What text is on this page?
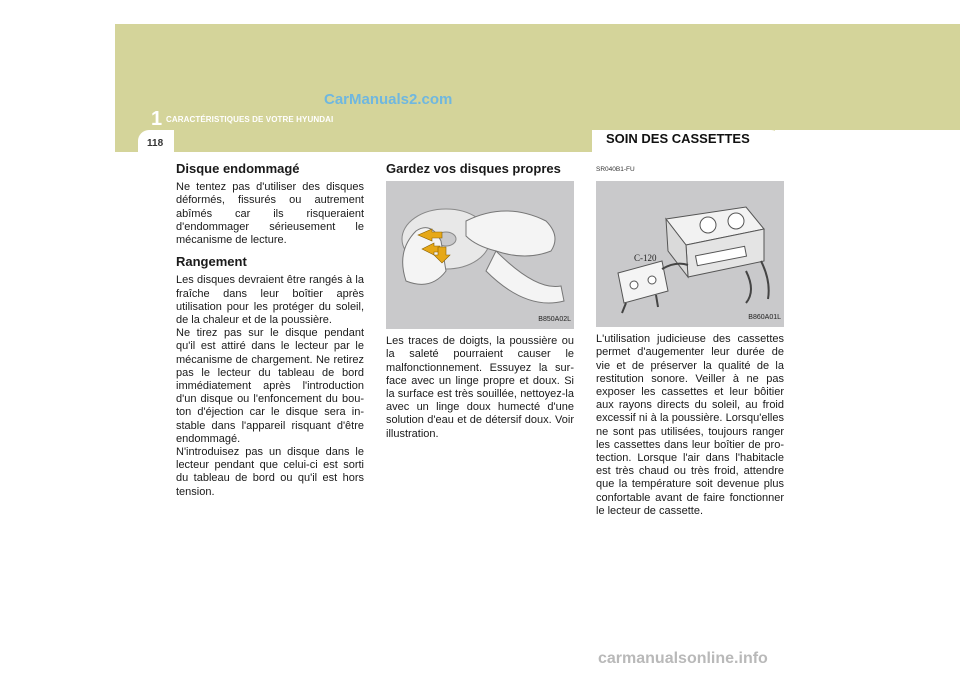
CarManuals2.com
1 CARACTÉRISTIQUES DE VOTRE HYUNDAI
118	SOIN DES CASSETTES
Disque endommagé

Ne tentez pas d'utiliser des disques déformés, fissurés ou autrement abîmés car ils risqueraient d'endommager sérieusement le mécanisme de lecture.

Rangement

Les disques devraient être rangés à la fraîche dans leur boîtier après utilisation pour les protéger du soleil, de la chaleur et de la poussière.

Ne tirez pas sur le disque pendant qu'il est attiré dans le lecteur par le mécanisme de chargement. Ne retirez pas le lecteur du tableau de bord immédiatement après l'introduction d'un disque ou l'enfoncement du bou-ton d'éjection car le disque sera in-stable dans l'appareil risquant d'être endommagé.

N'introduisez pas un disque dans le lecteur pendant que celui-ci est sorti du tableau de bord ou qu'il est hors tension.

Gardez vos disques propres
B850A02L

Les traces de doigts, la poussière ou la saleté pourraient causer le malfonctionnement. Essuyez la sur-face avec un linge propre et doux. Si la surface est très souillée, nettoyez-la avec un linge doux humecté d'une solution d'eau et de détersif doux. Voir illustration.

SR040B1-FU
C-120
B860A01L

L'utilisation judicieuse des cassettes permet d'augementer leur durée de vie et de préserver la qualité de la restitution sonore. Veiller à ne pas exposer les cassettes et leur bôitier aux rayons directs du soleil, au froid excessif ni à la poussière. Lorsqu'elles ne sont pas utilisées, toujours ranger les cassettes dans leur boîtier de pro-tection. Lorsque l'air dans l'habitacle est très chaud ou très froid, attendre que la température soit devenue plus confortable avant de faire fonctionner le lecteur de cassette.

carmanualsonline.info
